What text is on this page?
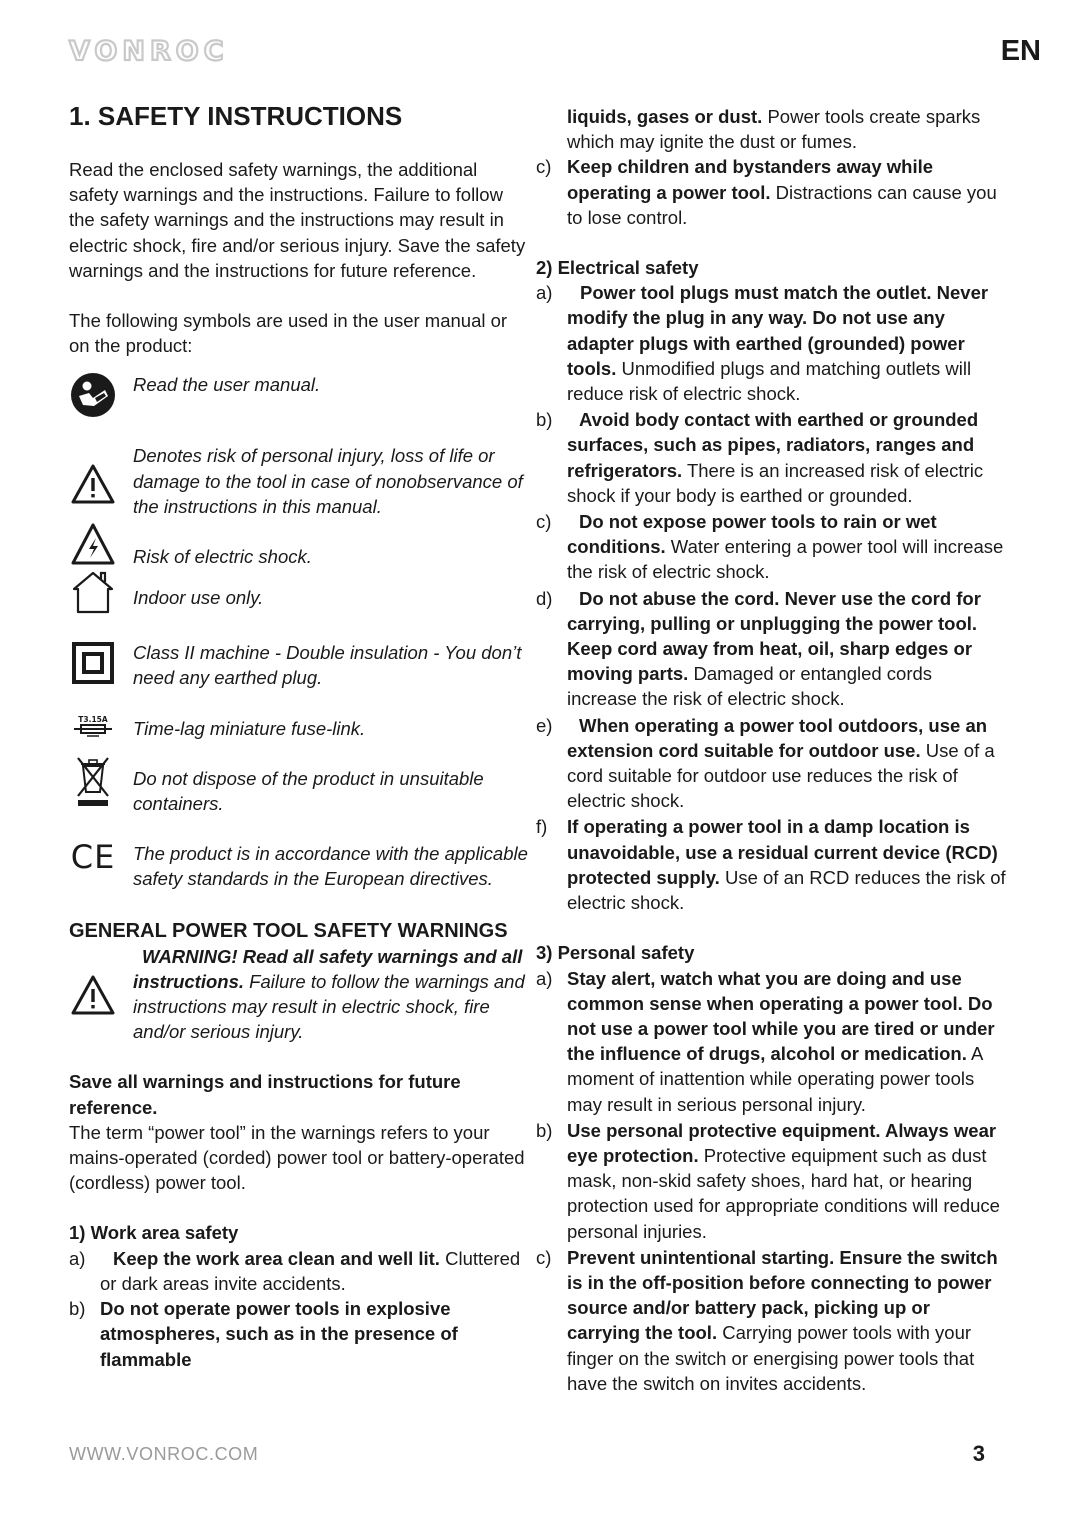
VONROC	EN
1. SAFETY INSTRUCTIONS

Read the enclosed safety warnings, the additional safety warnings and the instructions. Failure to follow the safety warnings and the instructions may result in electric shock, fire and/or serious injury. Save the safety warnings and the instructions for future reference.

The following symbols are used in the user manual or on the product:

Read the user manual.
Denotes risk of personal injury, loss of life or damage to the tool in case of nonobservance of the instructions in this manual.
Risk of electric shock.
Indoor use only.
Class II machine - Double insulation - You don’t need any earthed plug.
T3.15A Time-lag miniature fuse-link.
Do not dispose of the product in unsuitable containers.
CE The product is in accordance with the applicable safety standards in the European directives.
GENERAL POWER TOOL SAFETY WARNINGS
WARNING! Read all safety warnings and all instructions. Failure to follow the warnings and instructions may result in electric shock, fire and/or serious injury.

Save all warnings and instructions for future reference.

The term “power tool” in the warnings refers to your mains-operated (corded) power tool or battery-operated (cordless) power tool.

1) Work area safety

a) Keep the work area clean and well lit. Cluttered or dark areas invite accidents.
b) Do not operate power tools in explosive atmospheres, such as in the presence of flammable
liquids, gases or dust. Power tools create sparks which may ignite the dust or fumes.
c) Keep children and bystanders away while operating a power tool. Distractions can cause you to lose control.

2) Electrical safety

a) Power tool plugs must match the outlet. Never modify the plug in any way. Do not use any adapter plugs with earthed (grounded) power tools. Unmodified plugs and matching outlets will reduce risk of electric shock.
b) Avoid body contact with earthed or grounded surfaces, such as pipes, radiators, ranges and refrigerators. There is an increased risk of electric shock if your body is earthed or grounded.
c) Do not expose power tools to rain or wet conditions. Water entering a power tool will increase the risk of electric shock.
d) Do not abuse the cord. Never use the cord for carrying, pulling or unplugging the power tool. Keep cord away from heat, oil, sharp edges or moving parts. Damaged or entangled cords increase the risk of electric shock.
e) When operating a power tool outdoors, use an extension cord suitable for outdoor use. Use of a cord suitable for outdoor use reduces the risk of electric shock.
f) If operating a power tool in a damp location is unavoidable, use a residual current device (RCD) protected supply. Use of an RCD reduces the risk of electric shock.

3) Personal safety

a) Stay alert, watch what you are doing and use common sense when operating a power tool. Do not use a power tool while you are tired or under the influence of drugs, alcohol or medication. A moment of inattention while operating power tools may result in serious personal injury.
b) Use personal protective equipment. Always wear eye protection. Protective equipment such as dust mask, non-skid safety shoes, hard hat, or hearing protection used for appropriate conditions will reduce personal injuries.
c) Prevent unintentional starting. Ensure the switch is in the off-position before connecting to power source and/or battery pack, picking up or carrying the tool. Carrying power tools with your finger on the switch or energising power tools that have the switch on invites accidents.
WWW.VONROC.COM	3
